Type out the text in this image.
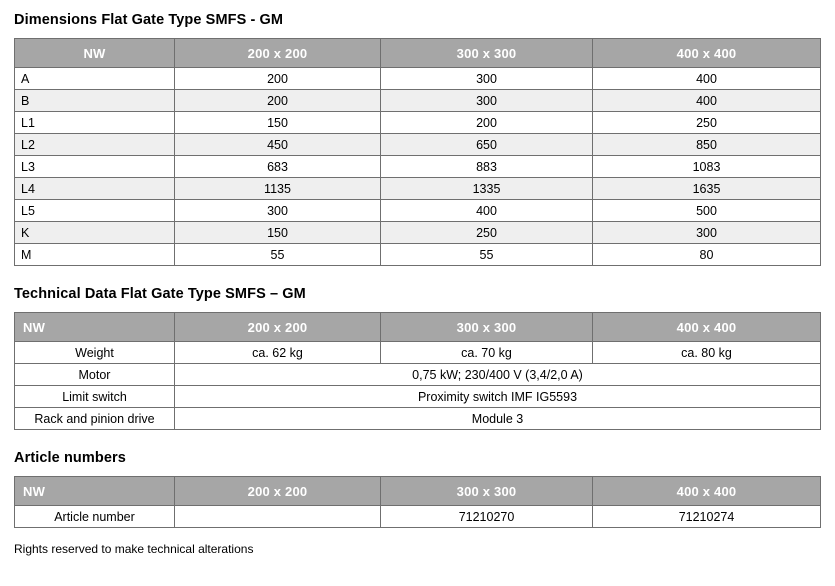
Dimensions Flat Gate Type SMFS - GM
NW	200 x 200	300 x 300	400 x 400
A	200	300	400
B	200	300	400
L1	150	200	250
L2	450	650	850
L3	683	883	1083
L4	1135	1335	1635
L5	300	400	500
K	150	250	300
M	55	55	80
Technical Data Flat Gate Type SMFS – GM
NW	200 x 200	300 x 300	400 x 400
Weight	ca. 62 kg	ca. 70 kg	ca. 80 kg
Motor	0,75 kW; 230/400 V (3,4/2,0 A)		
Limit switch	Proximity switch IMF IG5593		
Rack and pinion drive	Module 3		
Article numbers
NW	200 x 200	300 x 300	400 x 400
Article number		71210270	71210274
Rights reserved to make technical alterations
